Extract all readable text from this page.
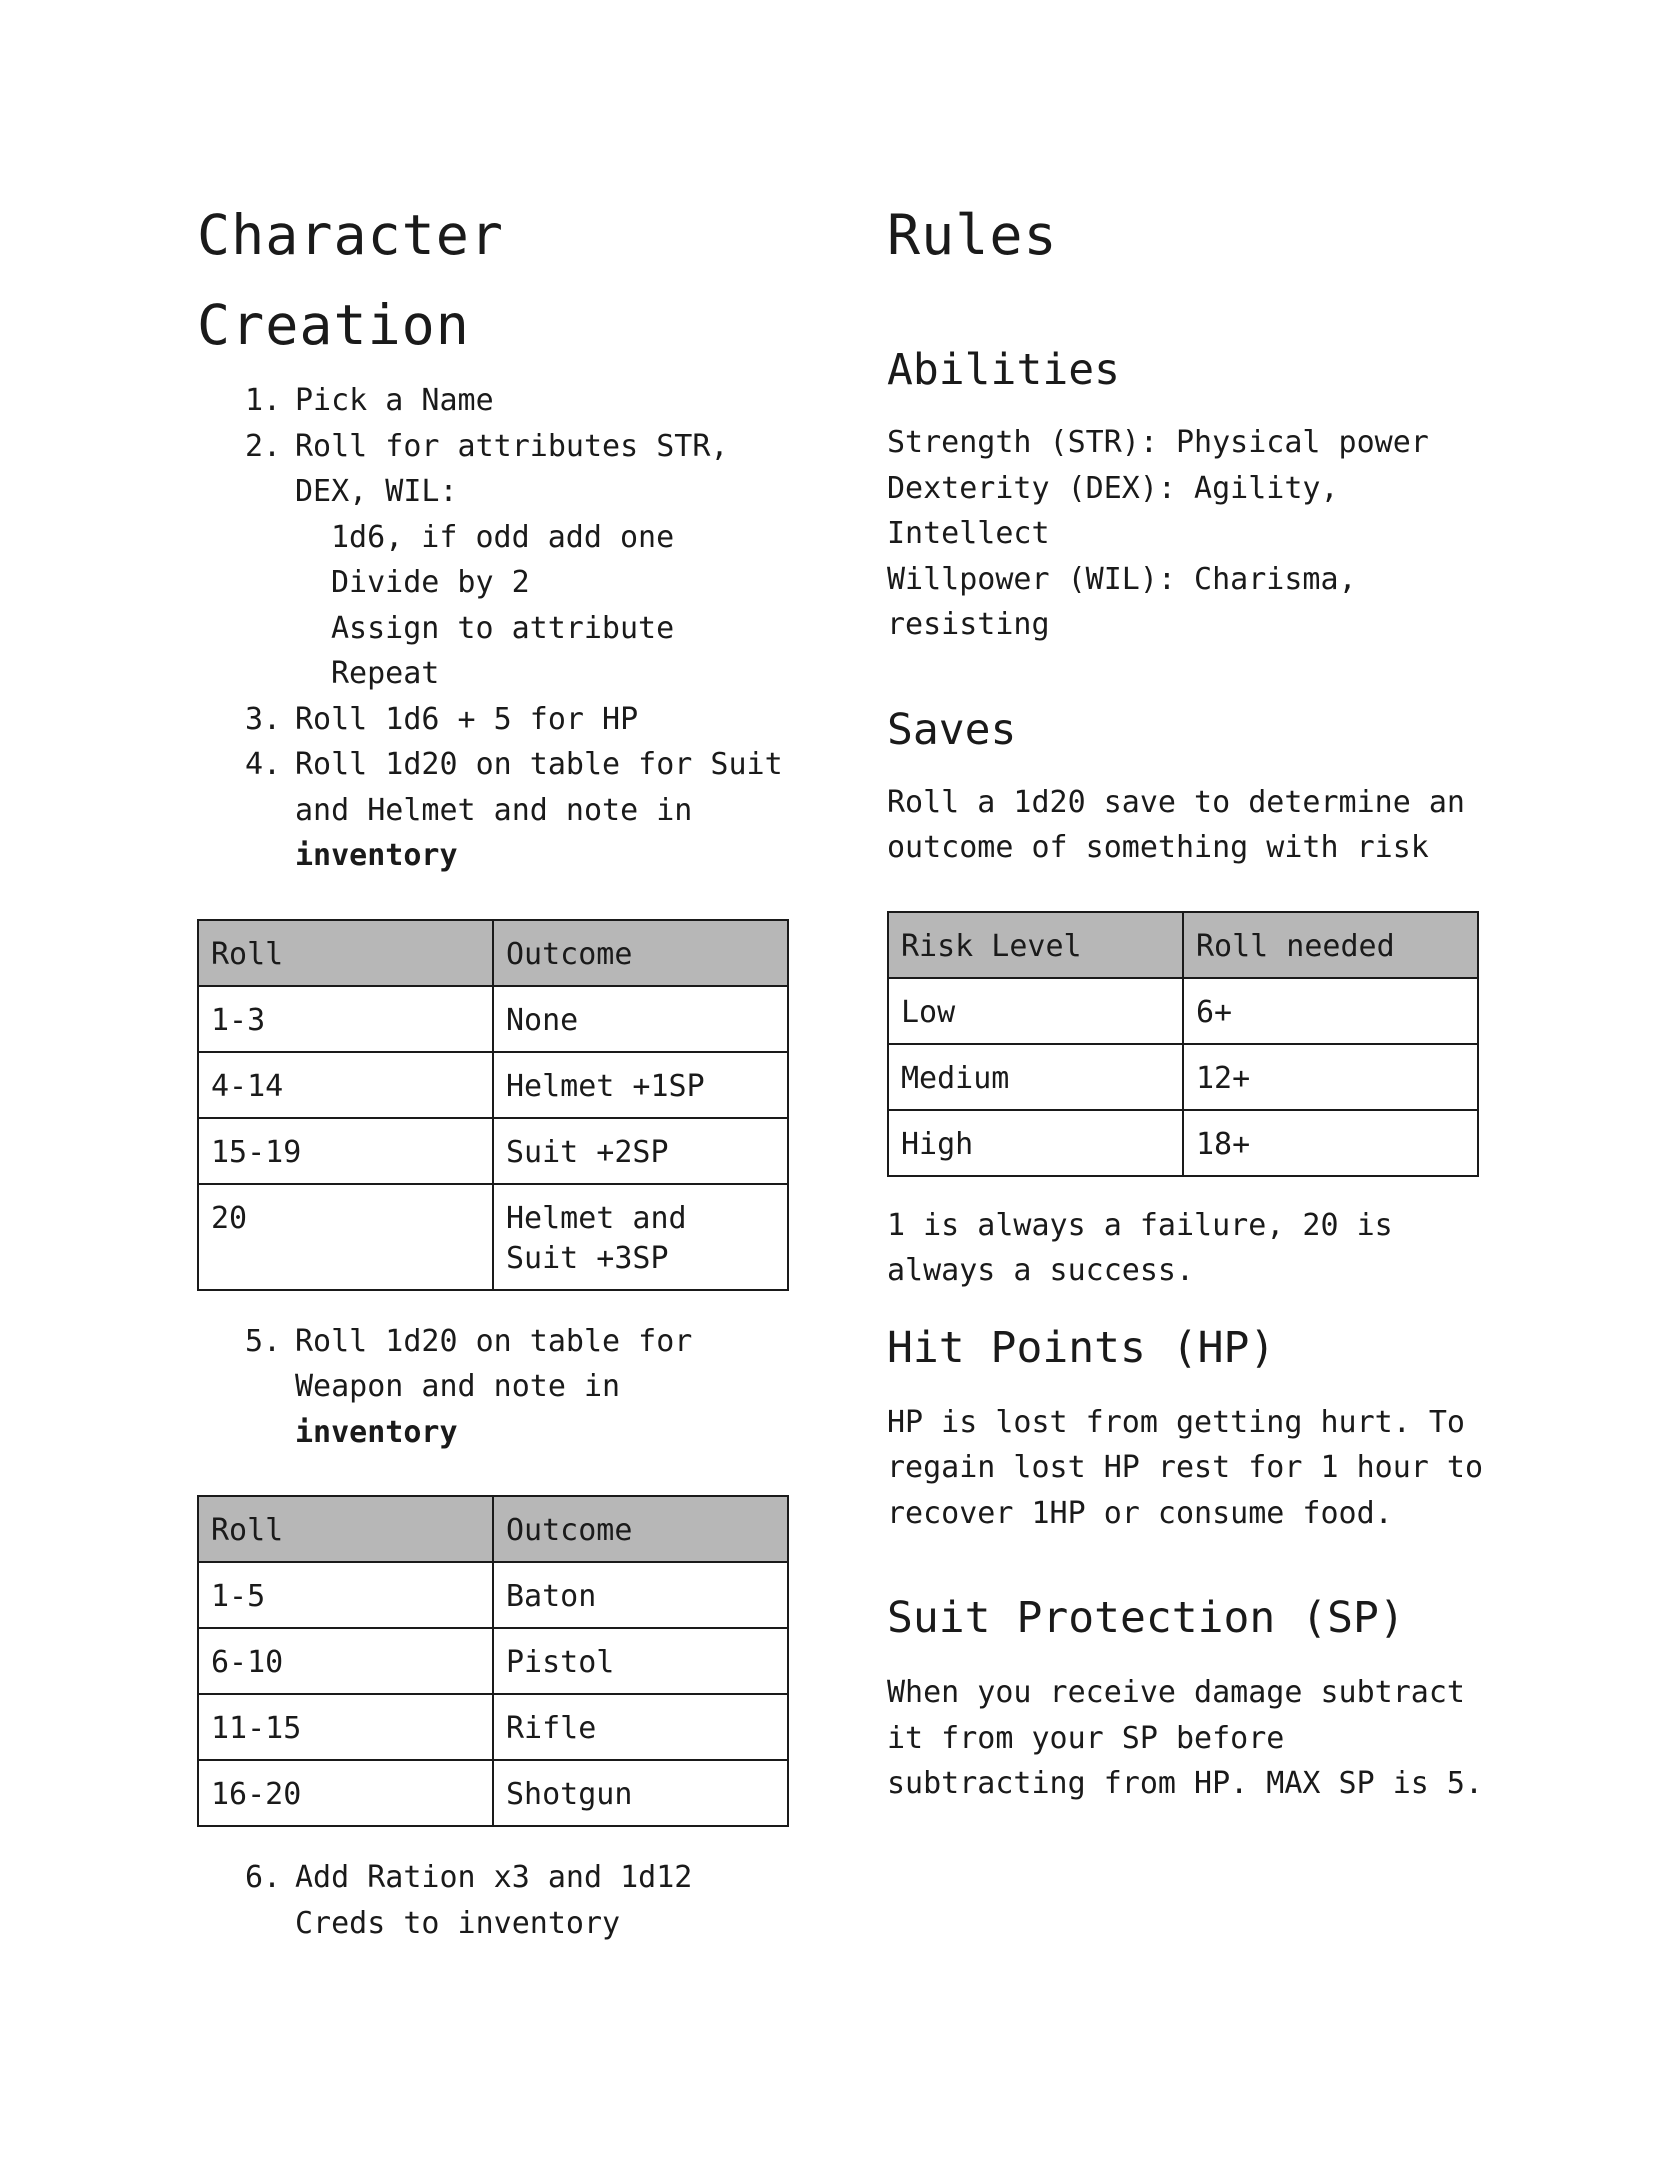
Character Creation
1. Pick a Name
2. Roll for attributes STR, DEX, WIL:
1d6, if odd add one
Divide by 2
Assign to attribute
Repeat
3. Roll 1d6 + 5 for HP
4. Roll 1d20 on table for Suit and Helmet and note in
inventory
Roll	Outcome
1-3	None
4-14	Helmet +1SP
15-19	Suit +2SP
20	Helmet and Suit +3SP
5. Roll 1d20 on table for Weapon and note in
inventory
Roll	Outcome
1-5	Baton
6-10	Pistol
11-15	Rifle
16-20	Shotgun
6. Add Ration x3 and 1d12 Creds to inventory
Rules
Abilities

Strength (STR): Physical power

Dexterity (DEX): Agility, Intellect

Willpower (WIL): Charisma, resisting

Saves

Roll a 1d20 save to determine an outcome of something with risk

Risk Level	Roll needed
Low	6+
Medium	12+
High	18+

1 is always a failure, 20 is always a success.

Hit Points (HP)

HP is lost from getting hurt. To regain lost HP rest for 1 hour to recover 1HP or consume food.

Suit Protection (SP)

When you receive damage subtract it from your SP before subtracting from HP. MAX SP is 5.
